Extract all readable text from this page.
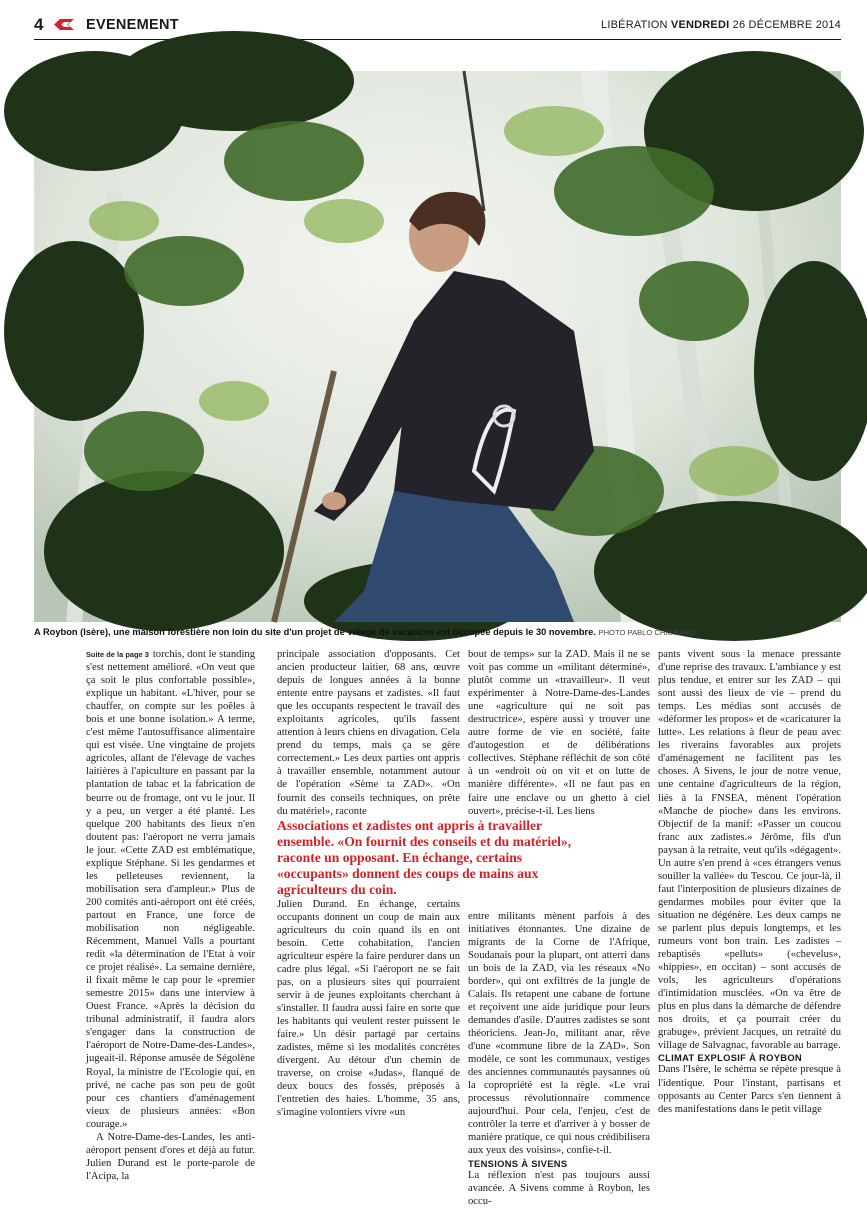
4	EVENEMENT	LIBÉRATION VENDREDI 26 DÉCEMBRE 2014
A Roybon (Isère), une maison forestière non loin du site d'un projet de village de vacances est occupée depuis le 30 novembre. PHOTO PABLO CHIGNARD

Suite de la page 3 torchis, dont le standing s'est nettement amélioré. «On veut que ça soit le plus confortable possible», explique un habitant. «L'hiver, pour se chauffer, on compte sur les poêles à bois et une bonne isolation.» A terme, c'est même l'autosuffisance alimentaire qui est visée. Une vingtaine de projets agricoles, allant de l'élevage de vaches laitières à l'apiculture en passant par la plantation de tabac et la fabrication de beurre ou de fromage, ont vu le jour. Il y a peu, un verger a été planté. Les quelque 200 habitants des lieux n'en doutent pas: l'aéroport ne verra jamais le jour. «Cette ZAD est emblématique, explique Stéphane. Si les gendarmes et les pelleteuses reviennent, la mobilisation sera d'ampleur.» Plus de 200 comités anti-aéroport ont été créés, partout en France, une force de mobilisation non négligeable. Récemment, Manuel Valls a pourtant redit «la détermination de l'Etat à voir ce projet réalisé». La semaine dernière, il fixait même le cap pour le «premier semestre 2015» dans une interview à Ouest France. «Après la décision du tribunal administratif, il faudra alors s'engager dans la construction de l'aéroport de Notre-Dame-des-Landes», jugeait-il. Réponse amusée de Ségolène Royal, la ministre de l'Ecologie qui, en privé, ne cache pas son peu de goût pour ces chantiers d'aménagement vieux de plusieurs années: «Bon courage.»

A Notre-Dame-des-Landes, les anti-aéroport pensent d'ores et déjà au futur. Julien Durand est le porte-parole de l'Acipa, la

principale association d'opposants. Cet ancien producteur laitier, 68 ans, œuvre depuis de longues années à la bonne entente entre paysans et zadistes. «Il faut que les occupants respectent le travail des exploitants agricoles, qu'ils fassent attention à leurs chiens en divagation. Cela prend du temps, mais ça se gère correctement.» Les deux parties ont appris à travailler ensemble, notamment autour de l'opération «Sème ta ZAD». «On fournit des conseils techniques, on prête du matériel», raconte

Associations et zadistes ont appris à travailler ensemble. «On fournit des conseils et du matériel», raconte un opposant. En échange, certains «occupants» donnent des coups de mains aux agriculteurs du coin.

Julien Durand. En échange, certains occupants donnent un coup de main aux agriculteurs du coin quand ils en ont besoin. Cette cohabitation, l'ancien agriculteur espère la faire perdurer dans un cadre plus légal. «Si l'aéroport ne se fait pas, on a plusieurs sites qui pourraient servir à de jeunes exploitants cherchant à s'installer. Il faudra aussi faire en sorte que les habitants qui veulent rester puissent le faire.» Un désir partagé par certains zadistes, même si les modalités concrètes divergent. Au détour d'un chemin de traverse, on croise «Judas», flanqué de deux boucs des fossés, préposés à l'entretien des haies. L'homme, 35 ans, s'imagine volontiers vivre «un

bout de temps» sur la ZAD. Mais il ne se voit pas comme un «militant déterminé», plutôt comme un «travailleur». Il veut expérimenter à Notre-Dame-des-Landes une «agriculture qui ne soit pas destructrice», espère aussi y trouver une autre forme de vie en société, faite d'autogestion et de délibérations collectives. Stéphane réfléchit de son côté à un «endroit où on vit et on lutte de manière différente». «Il ne faut pas en faire une enclave ou un ghetto à ciel ouvert», précise-t-il. Les liens

entre militants mènent parfois à des initiatives étonnantes. Une dizaine de migrants de la Corne de l'Afrique, Soudanais pour la plupart, ont atterri dans un bois de la ZAD, via les réseaux «No border», qui ont exfiltrés de la jungle de Calais. Ils retapent une cabane de fortune et reçoivent une aide juridique pour leurs demandes d'asile. D'autres zadistes se sont théoriciens. Jean-Jo, militant anar, rêve d'une «commune libre de la ZAD». Son modèle, ce sont les communaux, vestiges des anciennes communautés paysannes où la copropriété est la règle. «Le vrai processus révolutionnaire commence aujourd'hui. Pour cela, l'enjeu, c'est de contrôler la terre et d'arriver à y bosser de manière pratique, ce qui nous crédibilisera aux yeux des voisins», confie-t-il.

TENSIONS À SIVENS

La réflexion n'est pas toujours aussi avancée. A Sivens comme à Roybon, les occu-

pants vivent sous la menace pressante d'une reprise des travaux. L'ambiance y est plus tendue, et entrer sur les ZAD – qui sont aussi des lieux de vie – prend du temps. Les médias sont accusés de «déformer les propos» et de «caricaturer la lutte». Les relations à fleur de peau avec les riverains favorables aux projets d'aménagement ne facilitent pas les choses. A Sivens, le jour de notre venue, une centaine d'agriculteurs de la région, liés à la FNSEA, mènent l'opération «Manche de pioche» dans les environs. Objectif de la manif: «Passer un coucou franc aux zadistes.» Jérôme, fils d'un paysan à la retraite, veut qu'ils «dégagent». Un autre s'en prend à «ces étrangers venus souiller la vallée» du Tescou. Ce jour-là, il faut l'interposition de plusieurs dizaines de gendarmes mobiles pour éviter que la situation ne dégénère. Les deux camps ne se parlent plus depuis longtemps, et les rumeurs vont bon train. Les zadistes – rebaptisés «pelluts» («chevelus», «hippies», en occitan) – sont accusés de vols, les agriculteurs d'opérations d'intimidation musclées. «On va être de plus en plus dans la démarche de défendre nos droits, et ça pourrait créer du grabuge», prévient Jacques, un retraité du village de Salvagnac, favorable au barrage.

CLIMAT EXPLOSIF À ROYBON

Dans l'Isère, le schéma se répète presque à l'identique. Pour l'instant, partisans et opposants au Center Parcs s'en tiennent à des manifestations dans le petit village
